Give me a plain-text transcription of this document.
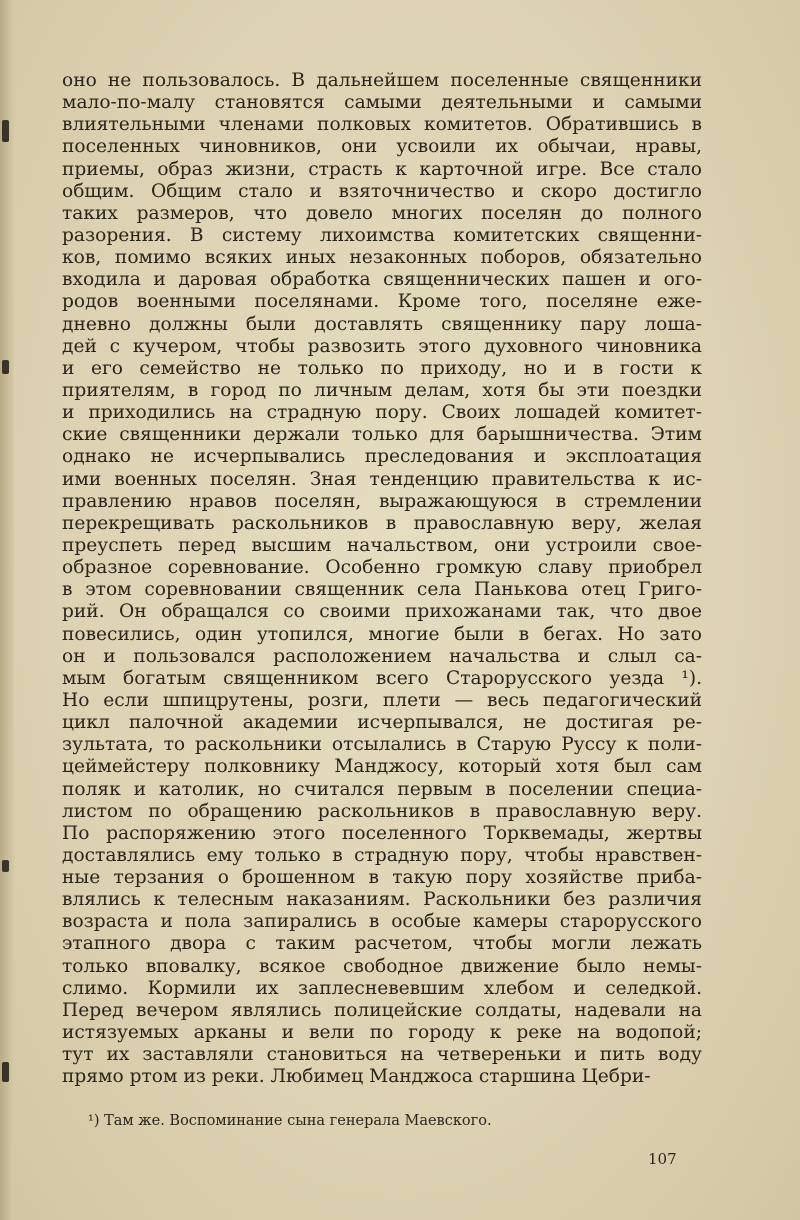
оно не пользовалось. В дальнейшем поселенные священники
мало-по-малу становятся самыми деятельными и самыми
влиятельными членами полковых комитетов. Обратившись в
поселенных чиновников, они усвоили их обычаи, нравы,
приемы, образ жизни, страсть к карточной игре. Все стало
общим. Общим стало и взяточничество и скоро достигло
таких размеров, что довело многих поселян до полного
разорения. В систему лихоимства комитетских священни-
ков, помимо всяких иных незаконных поборов, обязательно
входила и даровая обработка священнических пашен и ого-
родов военными поселянами. Кроме того, поселяне еже-
дневно должны были доставлять священнику пару лоша-
дей с кучером, чтобы развозить этого духовного чиновника
и его семейство не только по приходу, но и в гости к
приятелям, в город по личным делам, хотя бы эти поездки
и приходились на страдную пору. Своих лошадей комитет-
ские священники держали только для барышничества. Этим
однако не исчерпывались преследования и эксплоатация
ими военных поселян. Зная тенденцию правительства к ис-
правлению нравов поселян, выражающуюся в стремлении
перекрещивать раскольников в православную веру, желая
преуспеть перед высшим начальством, они устроили свое-
образное соревнование. Особенно громкую славу приобрел
в этом соревновании священник села Панькова отец Григо-
рий. Он обращался со своими прихожанами так, что двое
повесились, один утопился, многие были в бегах. Но зато
он и пользовался расположением начальства и слыл са-
мым богатым священником всего Старорусского уезда ¹).
Но если шпицрутены, розги, плети — весь педагогический
цикл палочной академии исчерпывался, не достигая ре-
зультата, то раскольники отсылались в Старую Руссу к поли-
цеймейстеру полковнику Манджосу, который хотя был сам
поляк и католик, но считался первым в поселении специа-
листом по обращению раскольников в православную веру.
По распоряжению этого поселенного Торквемады, жертвы
доставлялись ему только в страдную пору, чтобы нравствен-
ные терзания о брошенном в такую пору хозяйстве приба-
влялись к телесным наказаниям. Раскольники без различия
возраста и пола запирались в особые камеры старорусского
этапного двора с таким расчетом, чтобы могли лежать
только вповалку, всякое свободное движение было немы-
слимо. Кормили их заплесневевшим хлебом и селедкой.
Перед вечером являлись полицейские солдаты, надевали на
истязуемых арканы и вели по городу к реке на водопой;
тут их заставляли становиться на четвереньки и пить воду
прямо ртом из реки. Любимец Манджоса старшина Цебри-
¹) Там же. Воспоминание сына генерала Маевского.
107
